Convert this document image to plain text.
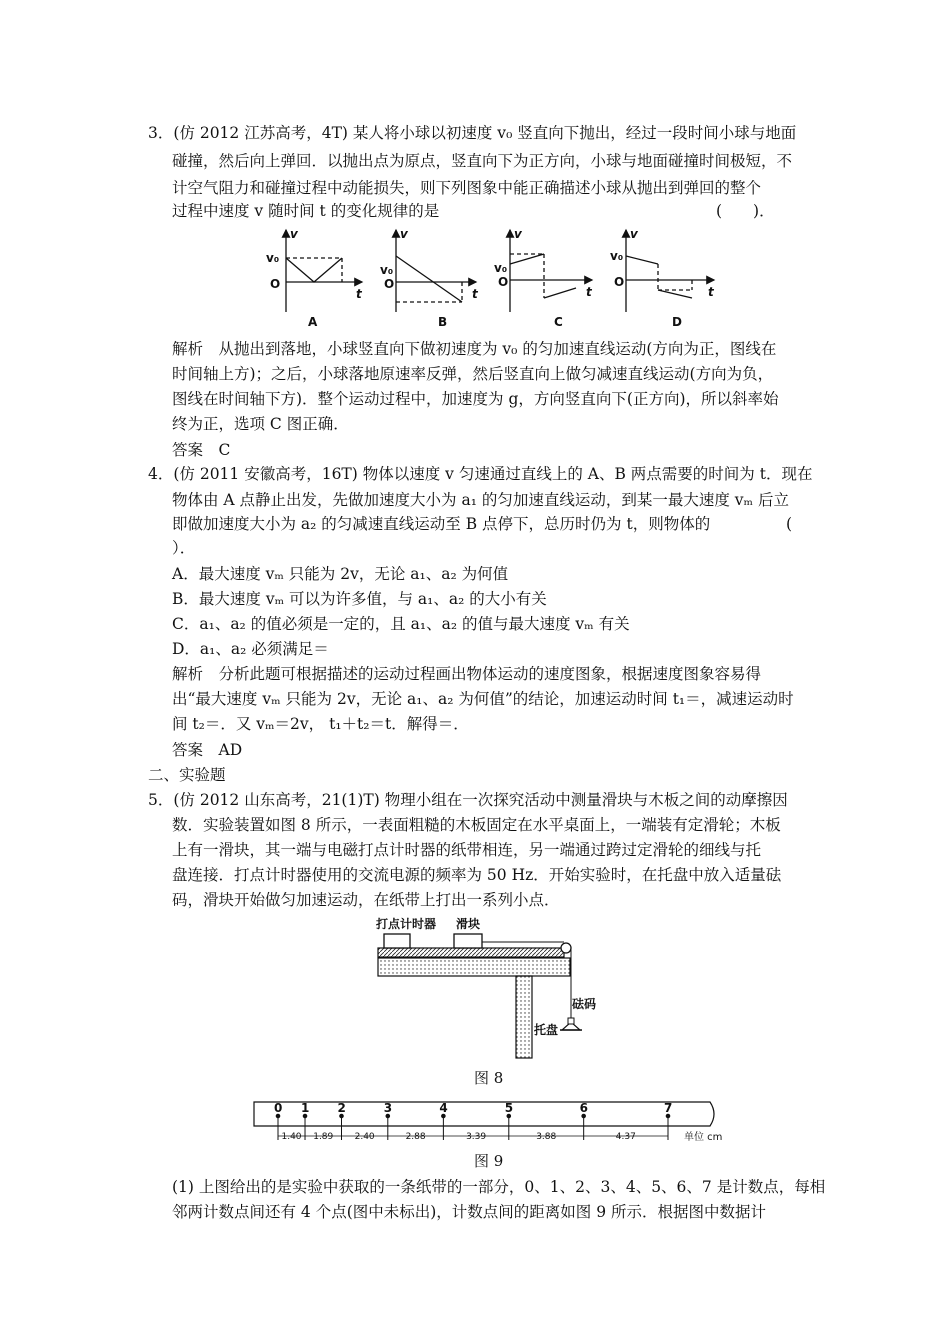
3．(仿 2012 江苏高考，4T) 某人将小球以初速度 v₀ 竖直向下抛出，经过一段时间小球与地面
碰撞，然后向上弹回．以抛出点为原点，竖直向下为正方向，小球与地面碰撞时间极短，不
计空气阻力和碰撞过程中动能损失，则下列图象中能正确描述小球从抛出到弹回的整个
过程中速度 v 随时间 t 的变化规律的是	(　　)．
v
v₀
O
t
A
v
v₀
O
t
B
v
v₀
O
t
C
v
v₀
O
t
D
解析　从抛出到落地，小球竖直向下做初速度为 v₀ 的匀加速直线运动(方向为正，图线在
时间轴上方)；之后，小球落地原速率反弹，然后竖直向上做匀减速直线运动(方向为负，
图线在时间轴下方)．整个运动过程中，加速度为 g，方向竖直向下(正方向)，所以斜率始
终为正，选项 C 图正确．
答案　C
4．(仿 2011 安徽高考，16T) 物体以速度 v 匀速通过直线上的 A、B 两点需要的时间为 t．现在
物体由 A 点静止出发，先做加速度大小为 a₁ 的匀加速直线运动，到某一最大速度 vₘ 后立
即做加速度大小为 a₂ 的匀减速直线运动至 B 点停下，总历时仍为 t，则物体的	(
）．
A．最大速度 vₘ 只能为 2v，无论 a₁、a₂ 为何值
B．最大速度 vₘ 可以为许多值，与 a₁、a₂ 的大小有关
C．a₁、a₂ 的值必须是一定的，且 a₁、a₂ 的值与最大速度 vₘ 有关
D．a₁、a₂ 必须满足＝
解析　分析此题可根据描述的运动过程画出物体运动的速度图象，根据速度图象容易得
出“最大速度 vₘ 只能为 2v，无论 a₁、a₂ 为何值”的结论，加速运动时间 t₁＝，减速运动时
间 t₂＝．又 vₘ＝2v， t₁＋t₂＝t．解得＝．
答案　AD
二、实验题
5．(仿 2012 山东高考，21(1)T) 物理小组在一次探究活动中测量滑块与木板之间的动摩擦因
数．实验装置如图 8 所示，一表面粗糙的木板固定在水平桌面上，一端装有定滑轮；木板
上有一滑块，其一端与电磁打点计时器的纸带相连，另一端通过跨过定滑轮的细线与托
盘连接．打点计时器使用的交流电源的频率为 50 Hz．开始实验时，在托盘中放入适量砝
码，滑块开始做匀加速运动，在纸带上打出一系列小点．
打点计时器 滑块
砝码
托盘
图 8
0 1 2	3	4	5	6	7
1.40 1.89 2.40	2.88	3.39	3.88	4.37	单位 cm
图 9
(1) 上图给出的是实验中获取的一条纸带的一部分，0、1、2、3、4、5、6、7 是计数点，每相
邻两计数点间还有 4 个点(图中未标出)，计数点间的距离如图 9 所示．根据图中数据计
